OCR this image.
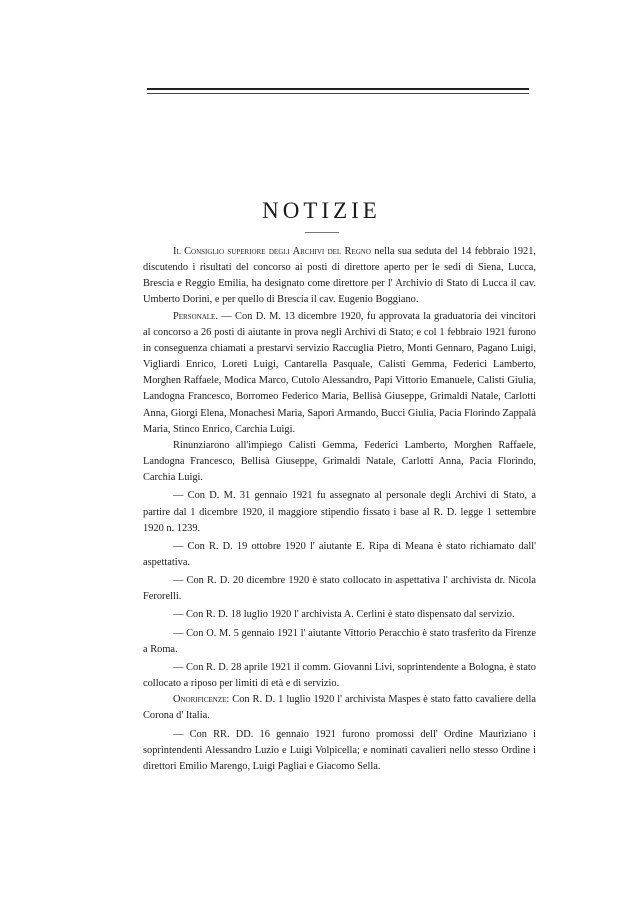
NOTIZIE

Il Consiglio superiore degli Archivi del Regno nella sua seduta del 14 febbraio 1921, discutendo i risultati del concorso ai posti di direttore aperto per le sedi di Siena, Lucca, Brescia e Reggio Emilia, ha designato come direttore per l' Archivio di Stato di Lucca il cav. Umberto Dorini, e per quello di Brescia il cav. Eugenio Boggiano.

Personale. — Con D. M. 13 dicembre 1920, fu approvata la graduatoria dei vincitori al concorso a 26 posti di aiutante in prova negli Archivi di Stato; e col 1 febbraio 1921 furono in conseguenza chiamati a prestarvi servizio Raccuglia Pietro, Monti Gennaro, Pagano Luigi, Vigliardi Enrico, Loreti Luigi, Cantarella Pasquale, Calisti Gemma, Federici Lamberto, Morghen Raffaele, Modica Marco, Cutolo Alessandro, Papi Vittorio Emanuele, Calisti Giulia, Landogna Francesco, Borromeo Federico Maria, Bellisà Giuseppe, Grimaldi Natale, Carlotti Anna, Giorgi Elena, Monachesi Maria, Sapori Armando, Bucci Giulia, Pacia Florindo Zappalà Maria, Stinco Enrico, Carchia Luigi.

Rinunziarono all'impiego Calisti Gemma, Federici Lamberto, Morghen Raffaele, Landogna Francesco, Bellisà Giuseppe, Grimaldi Natale, Carlotti Anna, Pacia Florindo, Carchia Luigi.

— Con D. M. 31 gennaio 1921 fu assegnato al personale degli Archivi di Stato, a partire dal 1 dicembre 1920, il maggiore stipendio fissato i base al R. D. legge 1 settembre 1920 n. 1239.

— Con R. D. 19 ottobre 1920 l' aiutante E. Ripa di Meana è stato richiamato dall' aspettativa.

— Con R. D. 20 dicembre 1920 è stato collocato in aspettativa l' archivista dr. Nicola Ferorelli.

— Con R. D. 18 luglio 1920 l' archivista A. Cerlini è stato dispensato dal servizio.

— Con O. M. 5 gennaio 1921 l' aiutante Vittorio Peracchio è stato trasferito da Firenze a Roma.

— Con R. D. 28 aprile 1921 il comm. Giovanni Livi, soprintendente a Bologna, è stato collocato a riposo per limiti di età e di servizio.

Onorificenze: Con R. D. 1 luglio 1920 l' archivista Maspes è stato fatto cavaliere della Corona d' Italia.

— Con RR. DD. 16 gennaio 1921 furono promossi dell' Ordine Mauriziano i soprintendenti Alessandro Luzio e Luigi Volpicella; e nominati cavalieri nello stesso Ordine i direttori Emilio Marengo, Luigi Pagliai e Giacomo Sella.
